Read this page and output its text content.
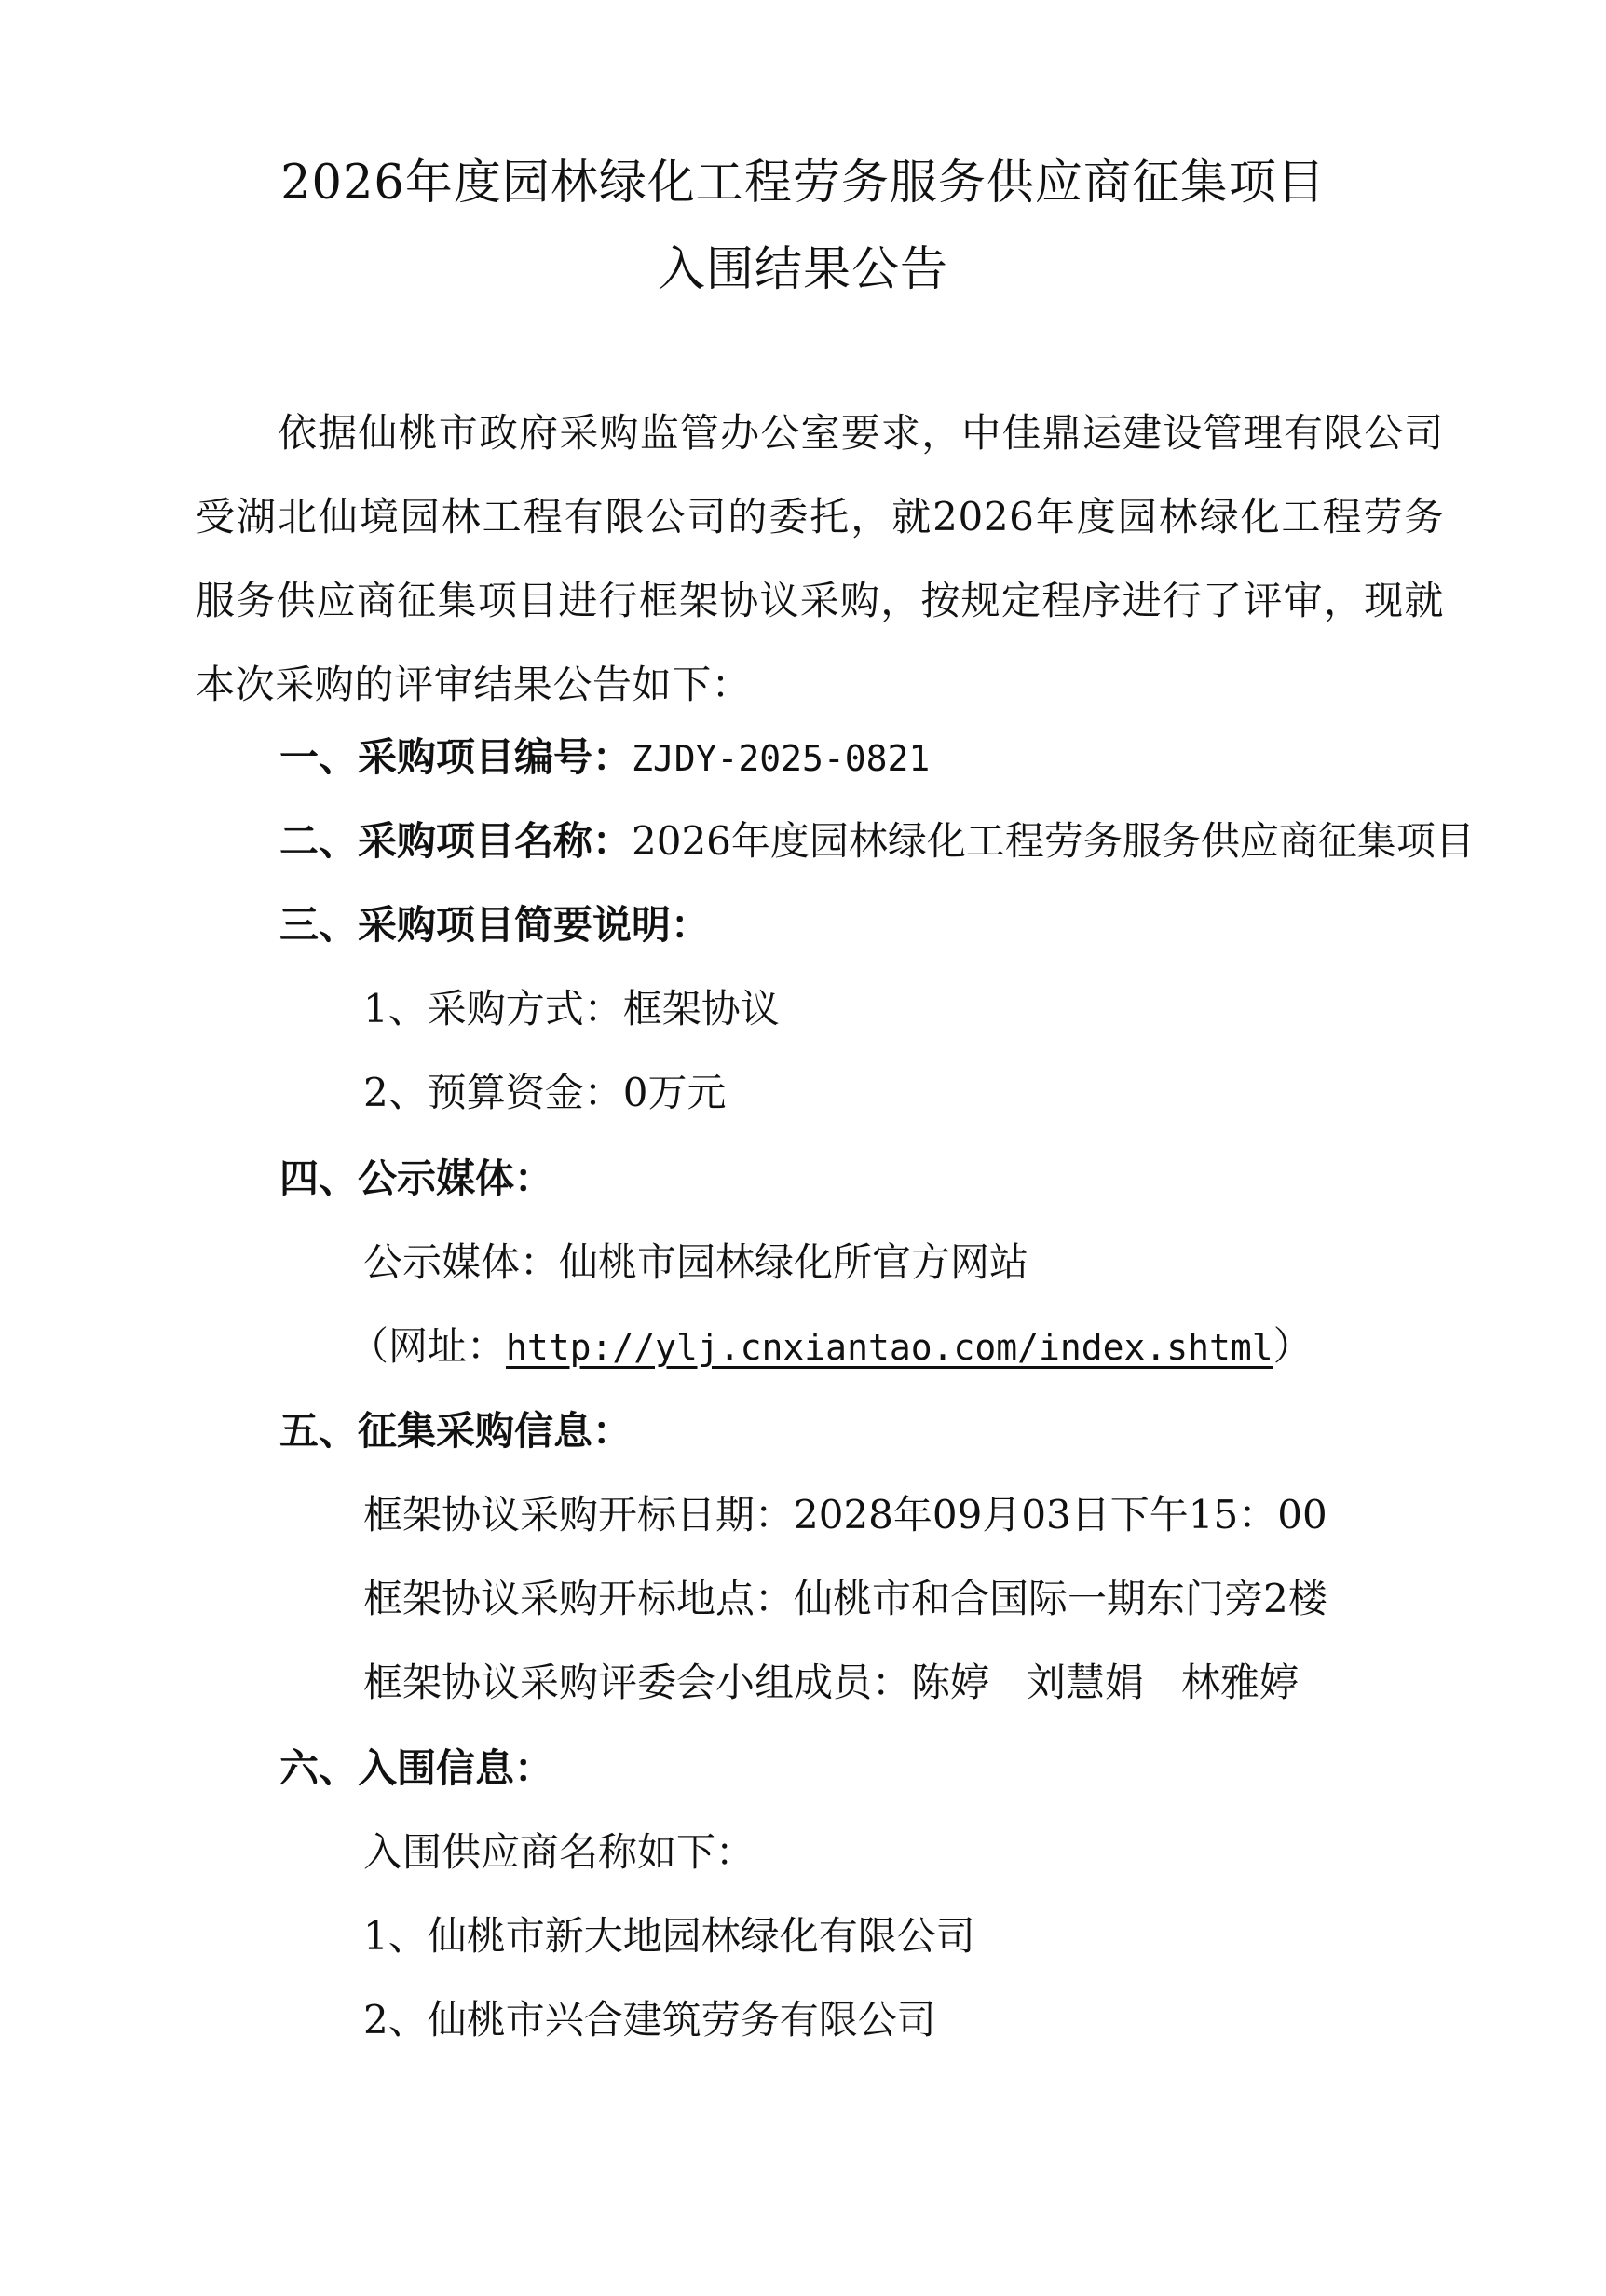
2026年度园林绿化工程劳务服务供应商征集项目
入围结果公告
依据仙桃市政府采购监管办公室要求，中佳鼎运建设管理有限公司受湖北仙境园林工程有限公司的委托，就2026年度园林绿化工程劳务服务供应商征集项目进行框架协议采购，按规定程序进行了评审，现就本次采购的评审结果公告如下：
一、采购项目编号：ZJDY-2025-0821
二、采购项目名称：2026年度园林绿化工程劳务服务供应商征集项目
三、采购项目简要说明：
1、采购方式：框架协议
2、预算资金：0万元
四、公示媒体：
公示媒体：仙桃市园林绿化所官方网站
（网址：http://ylj.cnxiantao.com/index.shtml）
五、征集采购信息：
框架协议采购开标日期：2028年09月03日下午15：00
框架协议采购开标地点：仙桃市和合国际一期东门旁2楼
框架协议采购评委会小组成员：陈婷 刘慧娟 林雅婷
六、入围信息：
入围供应商名称如下：
1、仙桃市新大地园林绿化有限公司
2、仙桃市兴合建筑劳务有限公司
